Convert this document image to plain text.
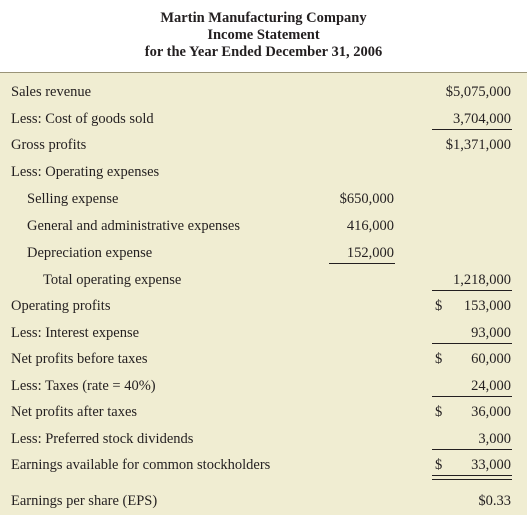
Martin Manufacturing Company
Income Statement
for the Year Ended December 31, 2006
Sales revenue	$5,075,000
Less: Cost of goods sold	3,704,000
Gross profits	$1,371,000
Less: Operating expenses
Selling expense	$650,000
General and administrative expenses	416,000
Depreciation expense	152,000
Total operating expense	1,218,000
Operating profits	$ 153,000
Less: Interest expense	93,000
Net profits before taxes	$ 60,000
Less: Taxes (rate = 40%)	24,000
Net profits after taxes	$ 36,000
Less: Preferred stock dividends	3,000
Earnings available for common stockholders	$ 33,000
Earnings per share (EPS)	$0.33
